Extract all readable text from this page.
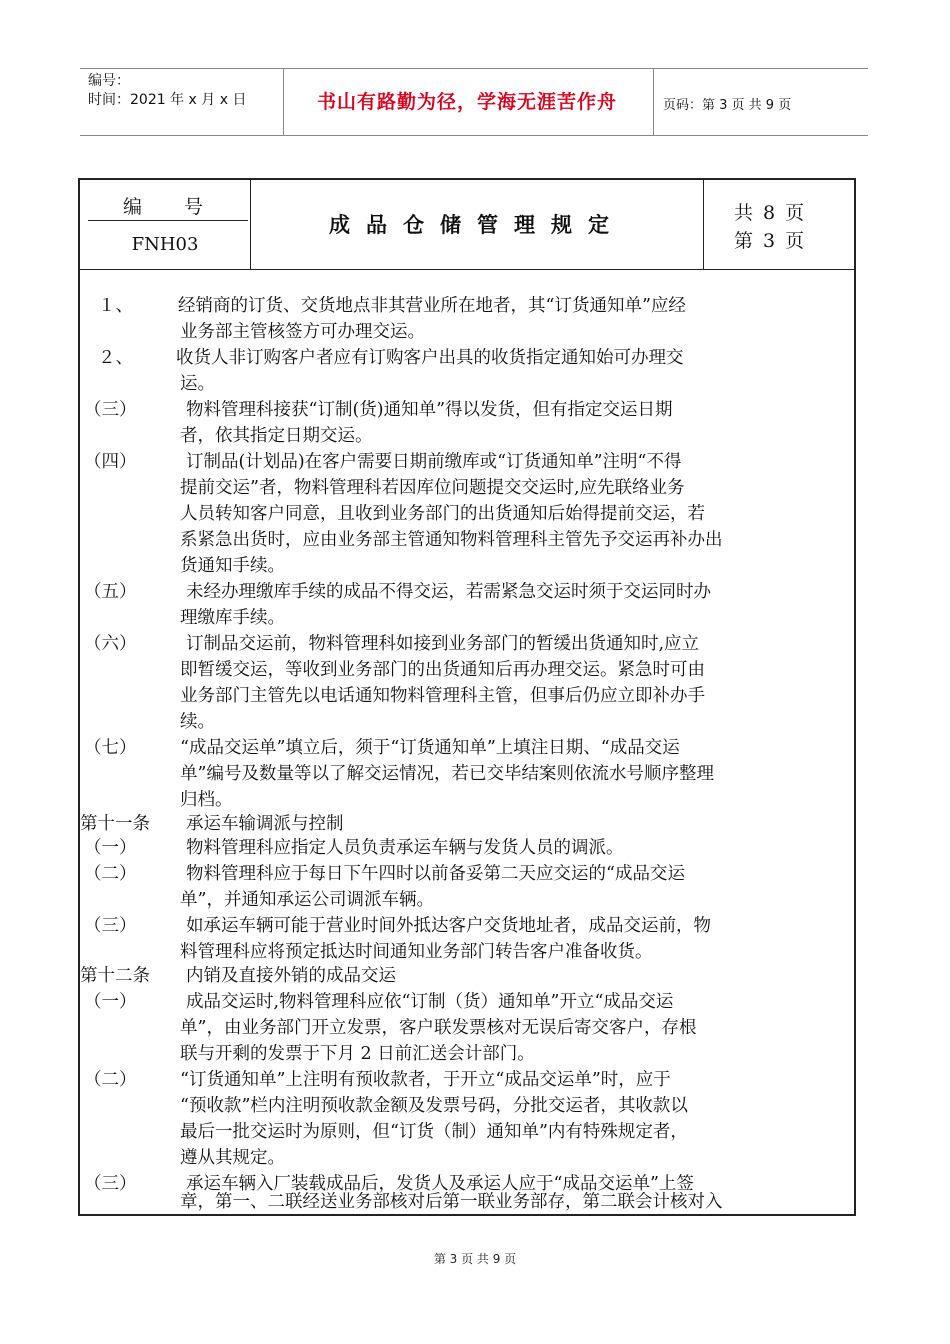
编号：
时间：2021 年 x 月 x 日	书山有路勤为径，学海无涯苦作舟	页码：第 3 页 共 9 页
编 号
FNH03
成品仓储管理规定	共 8 页
第 3 页
１、	经销商的订货、交货地点非其营业所在地者，其“订货通知单”应经
业务部主管核签方可办理交运。
２、 收货人非订购客户者应有订购客户出具的收货指定通知始可办理交
运。
（三）	物料管理科接获“订制(货)通知单”得以发货，但有指定交运日期
者，依其指定日期交运。
（四）	订制品(计划品)在客户需要日期前缴库或“订货通知单”注明“不得
提前交运”者，物料管理科若因库位问题提交交运时,应先联络业务
人员转知客户同意，且收到业务部门的出货通知后始得提前交运，若
系紧急出货时，应由业务部主管通知物料管理科主管先予交运再补办出
货通知手续。
（五）	未经办理缴库手续的成品不得交运，若需紧急交运时须于交运同时办
理缴库手续。
（六）	订制品交运前，物料管理科如接到业务部门的暂缓出货通知时,应立
即暂缓交运，等收到业务部门的出货通知后再办理交运。紧急时可由
业务部门主管先以电话通知物料管理科主管，但事后仍应立即补办手
续。
（七） “成品交运单”填立后，须于“订货通知单”上填注日期、“成品交运
单”编号及数量等以了解交运情况，若已交毕结案则依流水号顺序整理
归档。
第十一条 承运车输调派与控制
（一）	物料管理科应指定人员负责承运车辆与发货人员的调派。
（二）	物料管理科应于每日下午四时以前备妥第二天应交运的“成品交运
单”，并通知承运公司调派车辆。
（三）	如承运车辆可能于营业时间外抵达客户交货地址者，成品交运前，物
料管理科应将预定抵达时间通知业务部门转告客户准备收货。
第十二条 内销及直接外销的成品交运
（一）	成品交运时,物料管理科应依“订制（货）通知单”开立“成品交运
单”，由业务部门开立发票，客户联发票核对无误后寄交客户，存根
联与开剩的发票于下月 2 日前汇送会计部门。
（二） “订货通知单”上注明有预收款者，于开立“成品交运单”时，应于
“预收款”栏内注明预收款金额及发票号码，分批交运者，其收款以
最后一批交运时为原则，但“订货（制）通知单”内有特殊规定者，
遵从其规定。
（三）	承运车辆入厂装载成品后，发货人及承运人应于“成品交运单”上签
章，第一、二联经送业务部核对后第一联业务部存，第二联会计核对入
第 3 页 共 9 页
